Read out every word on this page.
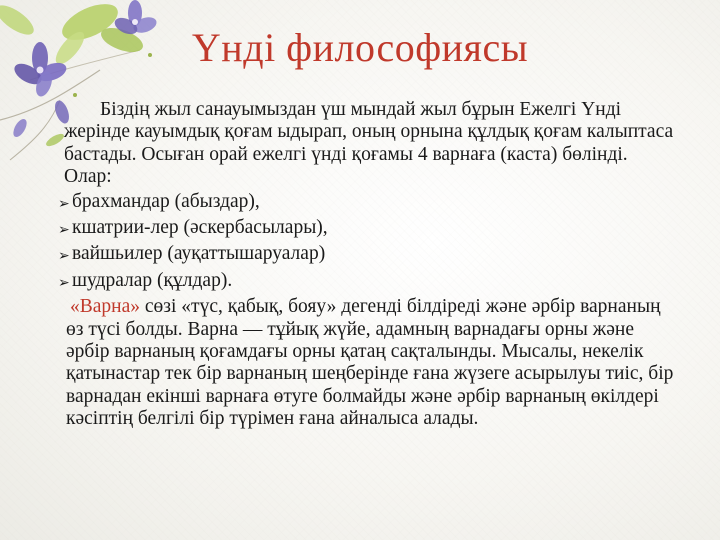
Үнді философиясы

Біздің жыл санауымыздан үш мындай жыл бұрын Ежелгі Үнді жерінде кауымдық қоғам ыдырап, оның орнына құлдық қоғам калыптаса бастады. Осыған орай ежелгі үнді қоғамы 4 варнаға (каста) бөлінді. Олар:

➢ брахмандар (абыздар),
➢ кшатрии-лер (әскербасылары),
➢ вайшьилер (ауқаттышаруалар)
➢ шудралар (құлдар).

«Варна» сөзі «түс, қабық, бояу» дегенді білдіреді және әрбір варнаның өз түсі болды. Варна — тұйық жүйе, адамның варнадағы орны және әрбір варнаның қоғамдағы орны қатаң сақталынды. Мысалы, некелік қатынастар тек бір варнаның шеңберінде ғана жүзеге асырылуы тиіс, бір варнадан екінші варнаға өтуге болмайды және әрбір варнаның өкілдері кәсіптің белгілі бір түрімен ғана айналыса алады.
